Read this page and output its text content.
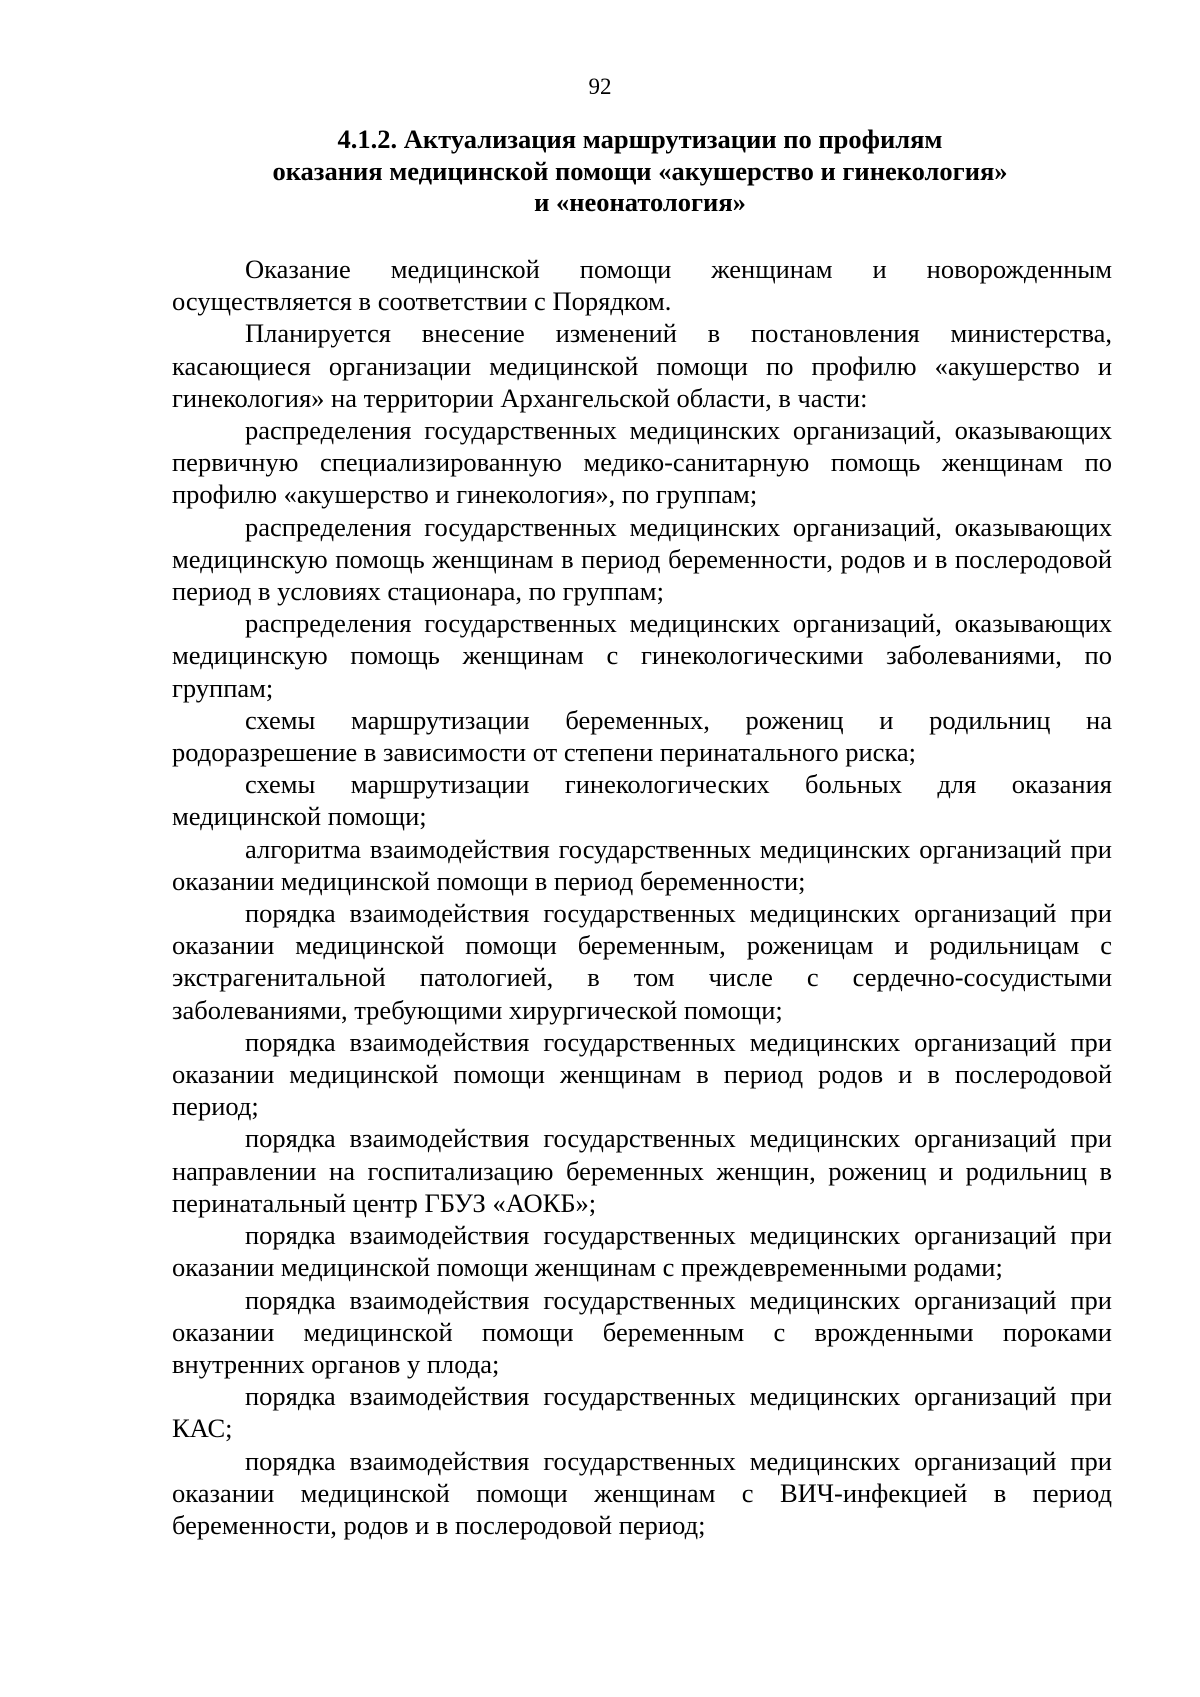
92
4.1.2. Актуализация маршрутизации по профилям
оказания медицинской помощи «акушерство и гинекология»
и «неонатология»

Оказание медицинской помощи женщинам и новорожденным осуществляется в соответствии с Порядком.

Планируется внесение изменений в постановления министерства, касающиеся организации медицинской помощи по профилю «акушерство и гинекология» на территории Архангельской области, в части:

распределения государственных медицинских организаций, оказывающих первичную специализированную медико-санитарную помощь женщинам по профилю «акушерство и гинекология», по группам;

распределения государственных медицинских организаций, оказывающих медицинскую помощь женщинам в период беременности, родов и в послеродовой период в условиях стационара, по группам;

распределения государственных медицинских организаций, оказывающих медицинскую помощь женщинам с гинекологическими заболеваниями, по группам;

схемы маршрутизации беременных, рожениц и родильниц на родоразрешение в зависимости от степени перинатального риска;

схемы маршрутизации гинекологических больных для оказания медицинской помощи;

алгоритма взаимодействия государственных медицинских организаций при оказании медицинской помощи в период беременности;

порядка взаимодействия государственных медицинских организаций при оказании медицинской помощи беременным, роженицам и родильницам с экстрагенитальной патологией, в том числе с сердечно-сосудистыми заболеваниями, требующими хирургической помощи;

порядка взаимодействия государственных медицинских организаций при оказании медицинской помощи женщинам в период родов и в послеродовой период;

порядка взаимодействия государственных медицинских организаций при направлении на госпитализацию беременных женщин, рожениц и родильниц в перинатальный центр ГБУЗ «АОКБ»;

порядка взаимодействия государственных медицинских организаций при оказании медицинской помощи женщинам с преждевременными родами;

порядка взаимодействия государственных медицинских организаций при оказании медицинской помощи беременным с врожденными пороками внутренних органов у плода;

порядка взаимодействия государственных медицинских организаций при КАС;

порядка взаимодействия государственных медицинских организаций при оказании медицинской помощи женщинам с ВИЧ-инфекцией в период беременности, родов и в послеродовой период;
